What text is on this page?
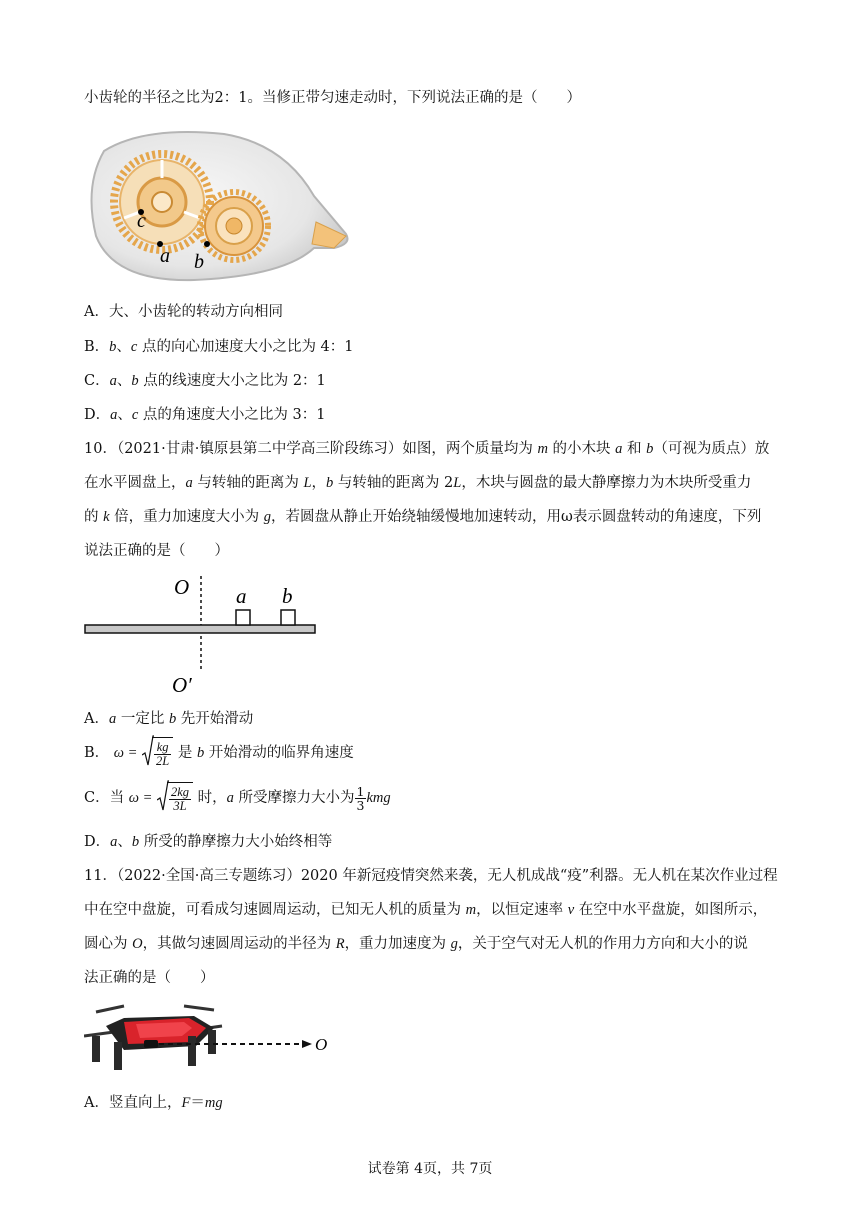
小齿轮的半径之比为2：1。当修正带匀速走动时，下列说法正确的是（　　）
c
a b
A．大、小齿轮的转动方向相同
B．b、c 点的向心加速度大小之比为 4：1
C．a、b 点的线速度大小之比为 2：1
D．a、c 点的角速度大小之比为 3：1
10．（2021·甘肃·镇原县第二中学高三阶段练习）如图，两个质量均为 m 的小木块 a 和 b（可视为质点）放
在水平圆盘上，a 与转轴的距离为 L，b 与转轴的距离为 2L，木块与圆盘的最大静摩擦力为木块所受重力
的 k 倍，重力加速度大小为 g，若圆盘从静止开始绕轴缓慢地加速转动，用ω表示圆盘转动的角速度，下列
说法正确的是（　　）
O a b
O′
A．a 一定比 b 先开始滑动
B． $\omega = \frac{kg}{2L}$ 是 b 开始滑动的临界角速度
C．当 $\omega = \frac{2kg}{3L}$ 时，a 所受摩擦力大小为 $\frac{1}{3}$ kmg
D．a、b 所受的静摩擦力大小始终相等
11．（2022·全国·高三专题练习）2020 年新冠疫情突然来袭，无人机成战“疫”利器。无人机在某次作业过程
中在空中盘旋，可看成匀速圆周运动，已知无人机的质量为 m，以恒定速率 v 在空中水平盘旋，如图所示，
圆心为 O，其做匀速圆周运动的半径为 R，重力加速度为 g，关于空气对无人机的作用力方向和大小的说
法正确的是（　　）
O
A．竖直向上，F＝mg
试卷第 4页，共 7页
